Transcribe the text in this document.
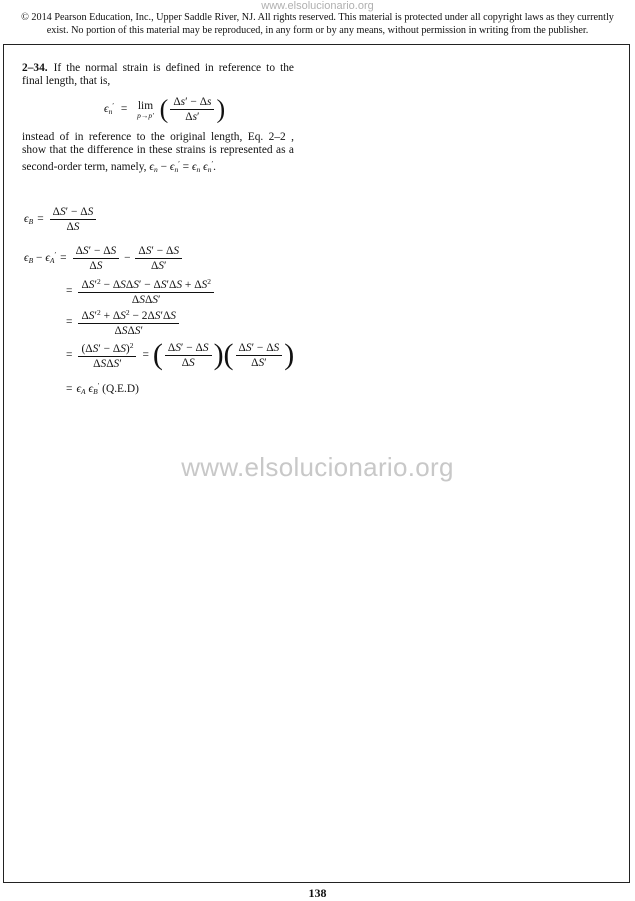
www.elsolucionario.org
© 2014 Pearson Education, Inc., Upper Saddle River, NJ. All rights reserved. This material is protected under all copyright laws as they currently
exist. No portion of this material may be reproduced, in any form or by any means, without permission in writing from the publisher.

2–34. If the normal strain is defined in reference to the final length, that is,

$\epsilon_n' = \lim$
p→p′ ( $\frac{\Delta s' - \Delta s}{\Delta s'}$ )

instead of in reference to the original length, Eq. 2–2 , show that the difference in these strains is represented as a second-order term, namely, $\epsilon_n - \epsilon_n' = \epsilon_n$ $\epsilon_n'$.

$\epsilon_B = \frac{\Delta S' - \Delta S}{\Delta S}$
$\epsilon_B - \epsilon_A' = \frac{\Delta S' - \Delta S}{\Delta S} - \frac{\Delta S' - \Delta S}{\Delta S'}$
= $\frac{\Delta S'^2 - \Delta S\Delta S' - \Delta S'\Delta S + \Delta S^2}{\text{ΔSΔS′}}$
= $\frac{\Delta S'^2 + \Delta S^2 - 2\Delta S'\Delta S}{\text{ΔSΔS′}}$
= $\frac{(\Delta S' - \Delta S)^2}{\text{ΔSΔS′}}$ = ( $\frac{\Delta S' - \Delta S}{\Delta S}$ )( $\frac{\Delta S' - \Delta S}{\Delta S'}$ )
= $\epsilon_A$ $\epsilon_B'$ (Q.E.D)
www.elsolucionario.org
138
